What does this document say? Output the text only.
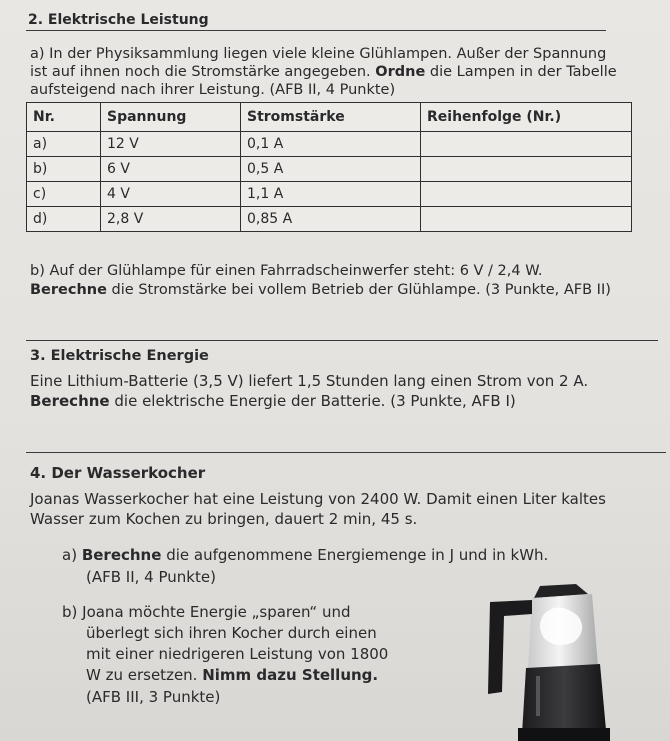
2. Elektrische Leistung
a) In der Physiksammlung liegen viele kleine Glühlampen. Außer der Spannung
ist auf ihnen noch die Stromstärke angegeben. Ordne die Lampen in der Tabelle
aufsteigend nach ihrer Leistung. (AFB II, 4 Punkte)
Nr.	Spannung	Stromstärke	Reihenfolge (Nr.)
a)	12 V	0,1 A	
b)	6 V	0,5 A	
c)	4 V	1,1 A	
d)	2,8 V	0,85 A	
b) Auf der Glühlampe für einen Fahrradscheinwerfer steht: 6 V / 2,4 W.
Berechne die Stromstärke bei vollem Betrieb der Glühlampe. (3 Punkte, AFB II)
3. Elektrische Energie
Eine Lithium-Batterie (3,5 V) liefert 1,5 Stunden lang einen Strom von 2 A.
Berechne die elektrische Energie der Batterie. (3 Punkte, AFB I)
4. Der Wasserkocher
Joanas Wasserkocher hat eine Leistung von 2400 W. Damit einen Liter kaltes
Wasser zum Kochen zu bringen, dauert 2 min, 45 s.
a) Berechne die aufgenommene Energiemenge in J und in kWh.
(AFB II, 4 Punkte)
b) Joana möchte Energie „sparen“ und
überlegt sich ihren Kocher durch einen
mit einer niedrigeren Leistung von 1800
W zu ersetzen. Nimm dazu Stellung.
(AFB III, 3 Punkte)
